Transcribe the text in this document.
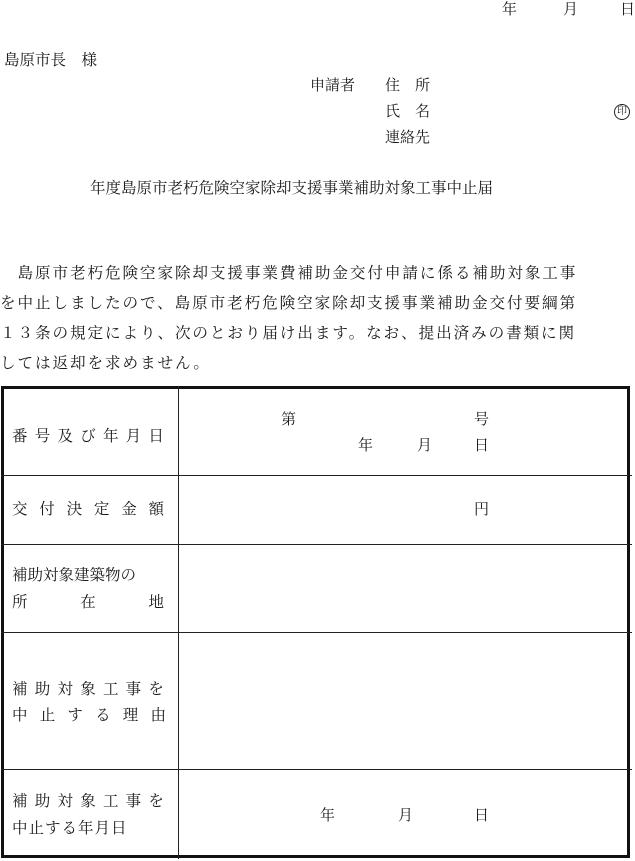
年	月	日
島原市長　様
申請者 住　所
氏　名	印
連絡先
年度島原市老朽危険空家除却支援事業補助対象工事中止届
　島原市老朽危険空家除却支援事業費補助金交付申請に係る補助対象工事
を中止しましたので、島原市老朽危険空家除却支援事業補助金交付要綱第
１３条の規定により、次のとおり届け出ます。なお、提出済みの書類に関
しては返却を求めません。
番 号 及 び 年 月 日
第	号
年	月	日
交 付 決 定 金 額	円
補助対象建築物の
所	在	地
補 助 対 象 工 事 を
中 止 す る 理 由
補 助 対 象 工 事 を
中止する年月日
年	月	日
